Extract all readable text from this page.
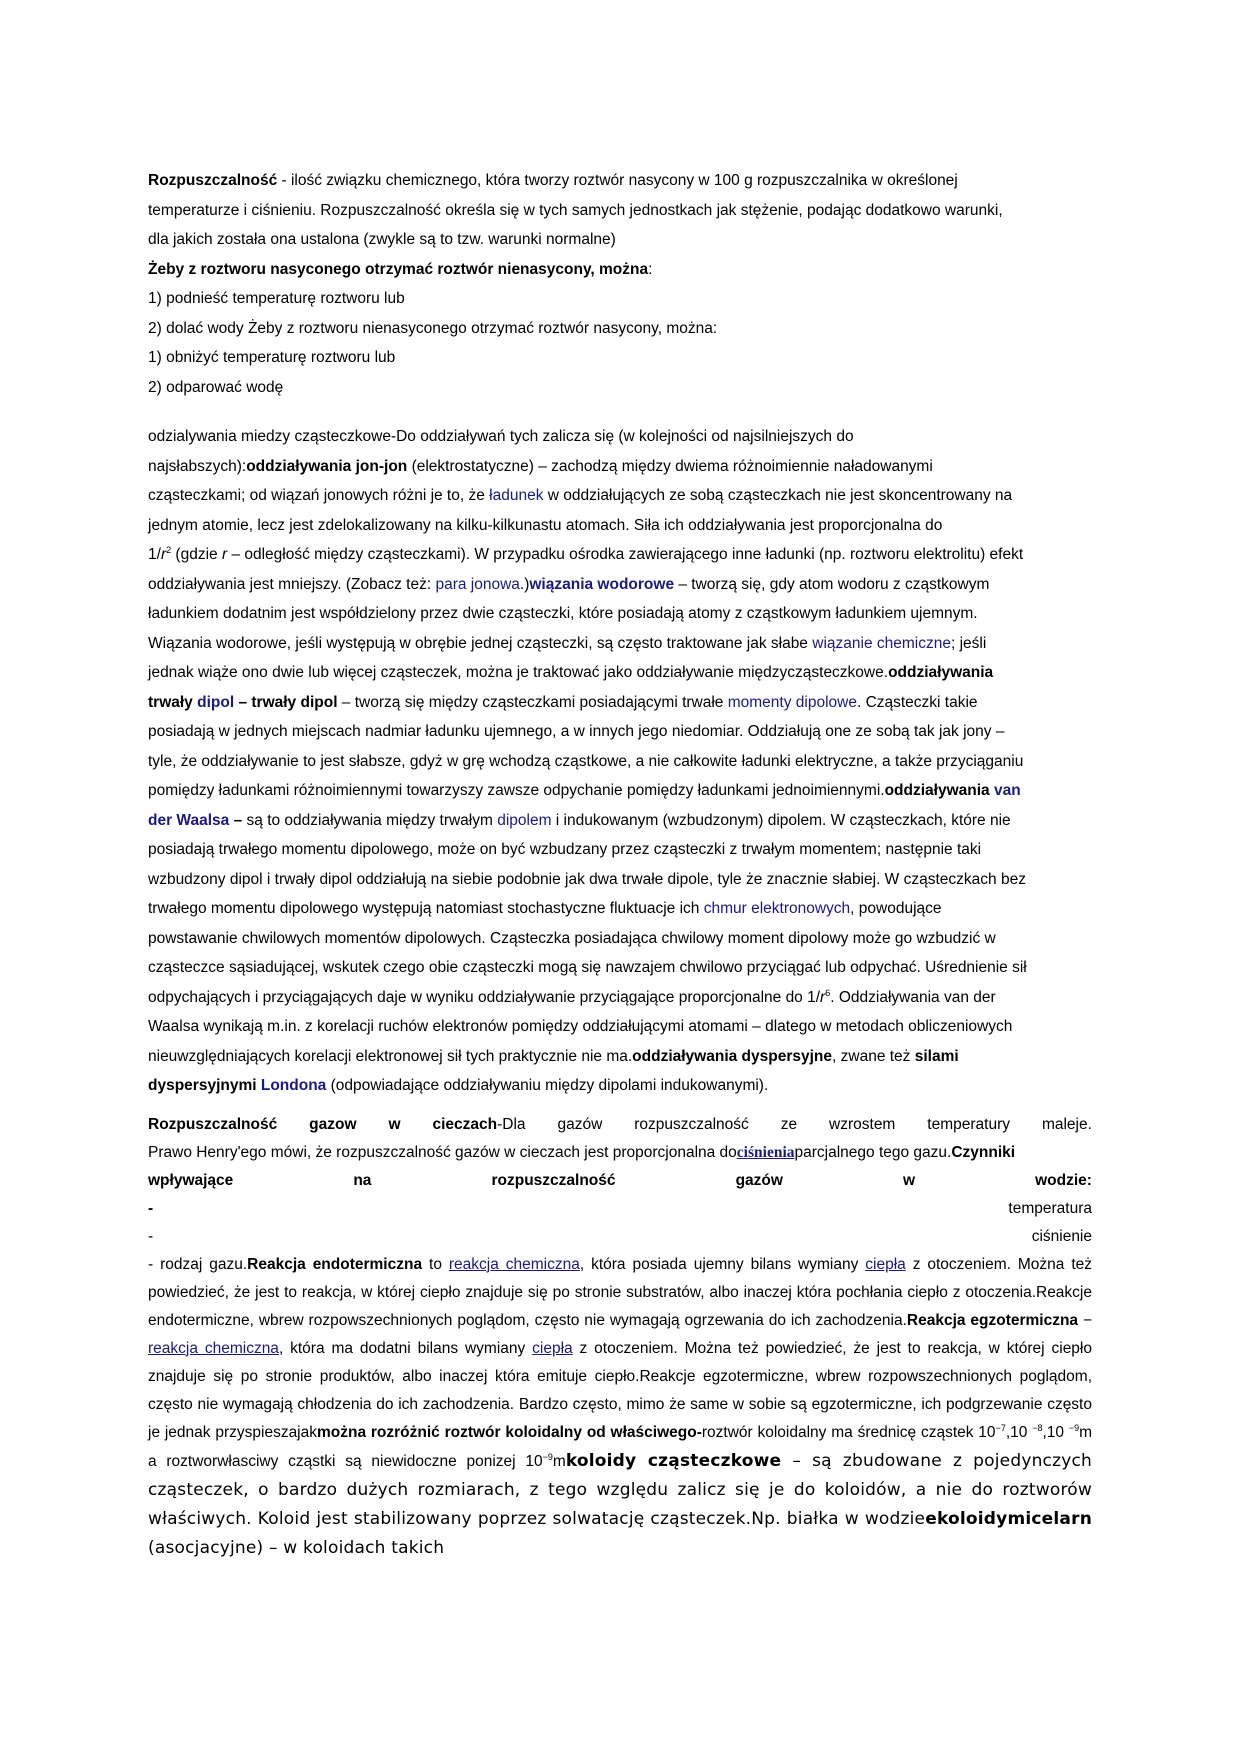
Rozpuszczalność - ilość związku chemicznego, która tworzy roztwór nasycony w 100 g rozpuszczalnika w określonej

temperaturze i ciśnieniu. Rozpuszczalność określa się w tych samych jednostkach jak stężenie, podając dodatkowo warunki,

dla jakich została ona ustalona (zwykle są to tzw. warunki normalne)

Żeby z roztworu nasyconego otrzymać roztwór nienasycony, można:

1) podnieść temperaturę roztworu lub

2) dolać wody Żeby z roztworu nienasyconego otrzymać roztwór nasycony, można:

1) obniżyć temperaturę roztworu lub

2) odparować wodę

odzialywania miedzy cząsteczkowe-Do oddziaływań tych zalicza się (w kolejności od najsilniejszych do
najsłabszych):oddziaływania jon-jon (elektrostatyczne) – zachodzą między dwiema różnoimiennie naładowanymi
cząsteczkami; od wiązań jonowych różni je to, że ładunek w oddziałujących ze sobą cząsteczkach nie jest skoncentrowany na
jednym atomie, lecz jest zdelokalizowany na kilku-kilkunastu atomach. Siła ich oddziaływania jest proporcjonalna do
$1/r^2$ (gdzie r – odległość między cząsteczkami). W przypadku ośrodka zawierającego inne ładunki (np. roztworu elektrolitu) efekt
oddziaływania jest mniejszy. (Zobacz też: para jonowa.)wiązania wodorowe – tworzą się, gdy atom wodoru z cząstkowym
ładunkiem dodatnim jest współdzielony przez dwie cząsteczki, które posiadają atomy z cząstkowym ładunkiem ujemnym.
Wiązania wodorowe, jeśli występują w obrębie jednej cząsteczki, są często traktowane jak słabe wiązanie chemiczne; jeśli
jednak wiąże ono dwie lub więcej cząsteczek, można je traktować jako oddziaływanie międzycząsteczkowe.oddziaływania
trwały dipol – trwały dipol – tworzą się między cząsteczkami posiadającymi trwałe momenty dipolowe. Cząsteczki takie
posiadają w jednych miejscach nadmiar ładunku ujemnego, a w innych jego niedomiar. Oddziałują one ze sobą tak jak jony –
tyle, że oddziaływanie to jest słabsze, gdyż w grę wchodzą cząstkowe, a nie całkowite ładunki elektryczne, a także przyciąganiu
pomiędzy ładunkami różnoimiennymi towarzyszy zawsze odpychanie pomiędzy ładunkami jednoimiennymi.oddziaływania van
der Waalsa – są to oddziaływania między trwałym dipolem i indukowanym (wzbudzonym) dipolem. W cząsteczkach, które nie
posiadają trwałego momentu dipolowego, może on być wzbudzany przez cząsteczki z trwałym momentem; następnie taki
wzbudzony dipol i trwały dipol oddziałują na siebie podobnie jak dwa trwałe dipole, tyle że znacznie słabiej. W cząsteczkach bez
trwałego momentu dipolowego występują natomiast stochastyczne fluktuacje ich chmur elektronowych, powodujące
powstawanie chwilowych momentów dipolowych. Cząsteczka posiadająca chwilowy moment dipolowy może go wzbudzić w
cząsteczce sąsiadującej, wskutek czego obie cząsteczki mogą się nawzajem chwilowo przyciągać lub odpychać. Uśrednienie sił
odpychających i przyciągających daje w wyniku oddziaływanie przyciągające proporcjonalne do $1/r^6$. Oddziaływania van der
Waalsa wynikają m.in. z korelacji ruchów elektronów pomiędzy oddziałującymi atomami – dlatego w metodach obliczeniowych
nieuwzględniających korelacji elektronowej sił tych praktycznie nie ma.oddziaływania dyspersyjne, zwane też silami
dyspersyjnymi Londona (odpowiadające oddziaływaniu między dipolami indukowanymi).
Rozpuszczalność gazow w cieczach-Dla gazów rozpuszczalność ze wzrostem temperatury maleje.
Prawo Henry'ego mówi, że rozpuszczalność gazów w cieczach jest proporcjonalna dociśnieniaparcjalnego tego gazu.Czynniki
wpływające	na	rozpuszczalność	gazów	w	wodzie:
-	temperatura
-	ciśnienie
- rodzaj gazu.Reakcja endotermiczna to reakcja chemiczna, która posiada ujemny bilans wymiany ciepła z otoczeniem. Można też powiedzieć, że jest to reakcja, w której ciepło znajduje się po stronie substratów, albo inaczej która pochłania ciepło z otoczenia.Reakcje endotermiczne, wbrew rozpowszechnionych poglądom, często nie wymagają ogrzewania do ich zachodzenia.Reakcja egzotermiczna − reakcja chemiczna, która ma dodatni bilans wymiany ciepła z otoczeniem. Można też powiedzieć, że jest to reakcja, w której ciepło znajduje się po stronie produktów, albo inaczej która emituje ciepło.Reakcje egzotermiczne, wbrew rozpowszechnionych poglądom, często nie wymagają chłodzenia do ich zachodzenia. Bardzo często, mimo że same w sobie są egzotermiczne, ich podgrzewanie często je jednak przyspieszajakmożna rozróżnić roztwór koloidalny od właściwego-roztwór koloidalny ma średnicę cząstek $10^{-7},10$ $^{-8}$,10 $^{-9}$m a roztworwłasciwy cząstki są niewidoczne ponizej $10^{-9}mkoloidy$ cząsteczkowe – są zbudowane z pojedynczych cząsteczek, o bardzo dużych rozmiarach, z tego względu zalicz się je do koloidów, a nie do roztworów właściwych. Koloid jest stabilizowany poprzez solwatację cząsteczek.Np. białka w wodzieekoloidymicelarn (asocjacyjne) – w koloidach takich
